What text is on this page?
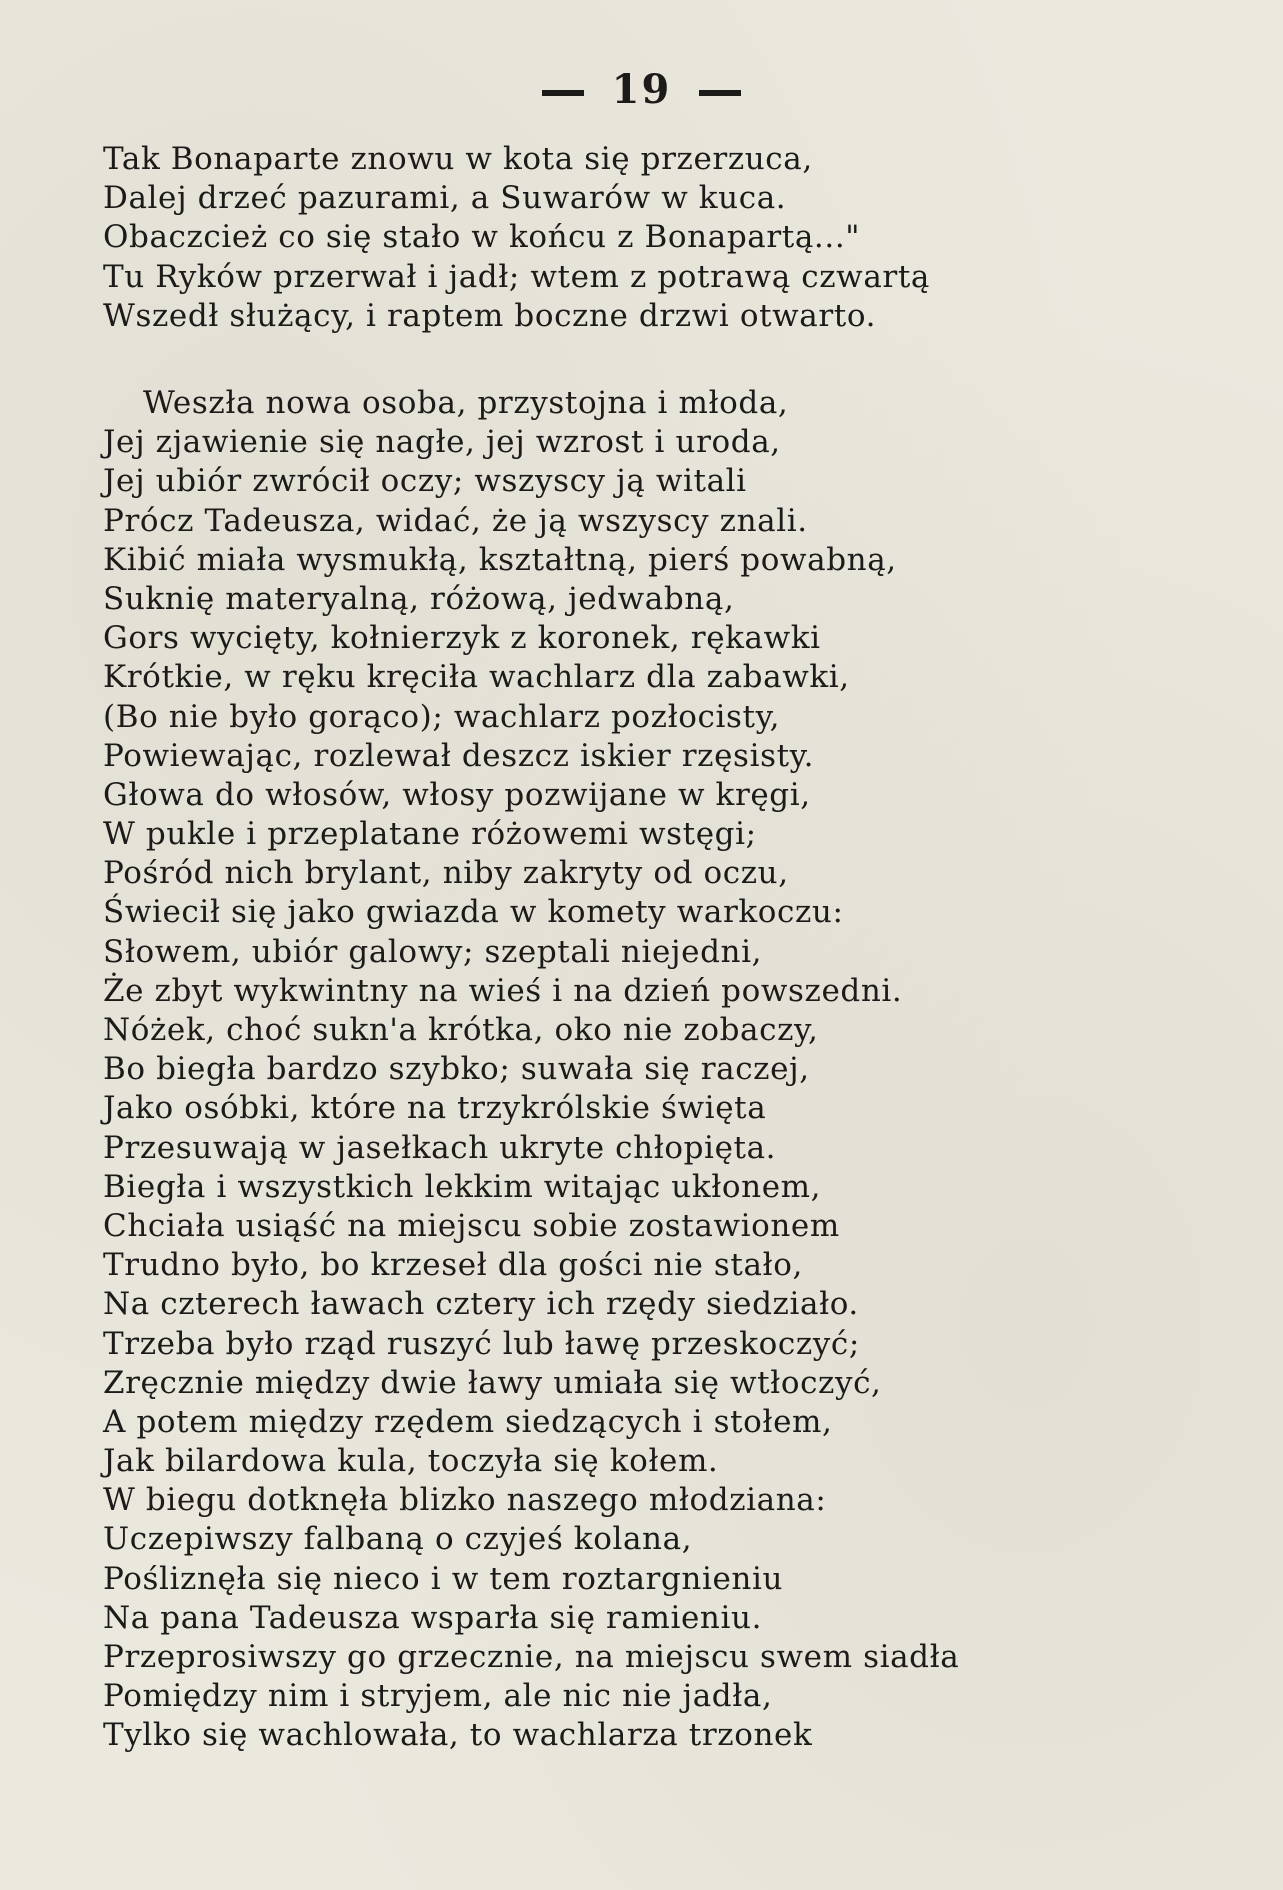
19
Tak Bonaparte znowu w kota się przerzuca,
Dalej drzeć pazurami, a Suwarów w kuca.
Obaczcież co się stało w końcu z Bonapartą..."
Tu Ryków przerwał i jadł; wtem z potrawą czwartą
Wszedł służący, i raptem boczne drzwi otwarto.
Weszła nowa osoba, przystojna i młoda,
Jej zjawienie się nagłe, jej wzrost i uroda,
Jej ubiór zwrócił oczy; wszyscy ją witali
Prócz Tadeusza, widać, że ją wszyscy znali.
Kibić miała wysmukłą, kształtną, pierś powabną,
Suknię materyalną, różową, jedwabną,
Gors wycięty, kołnierzyk z koronek, rękawki
Krótkie, w ręku kręciła wachlarz dla zabawki,
(Bo nie było gorąco); wachlarz pozłocisty,
Powiewając, rozlewał deszcz iskier rzęsisty.
Głowa do włosów, włosy pozwijane w kręgi,
W pukle i przeplatane różowemi wstęgi;
Pośród nich brylant, niby zakryty od oczu,
Świecił się jako gwiazda w komety warkoczu:
Słowem, ubiór galowy; szeptali niejedni,
Że zbyt wykwintny na wieś i na dzień powszedni.
Nóżek, choć sukn'a krótka, oko nie zobaczy,
Bo biegła bardzo szybko; suwała się raczej,
Jako osóbki, które na trzykrólskie święta
Przesuwają w jasełkach ukryte chłopięta.
Biegła i wszystkich lekkim witając ukłonem,
Chciała usiąść na miejscu sobie zostawionem
Trudno było, bo krzeseł dla gości nie stało,
Na czterech ławach cztery ich rzędy siedziało.
Trzeba było rząd ruszyć lub ławę przeskoczyć;
Zręcznie między dwie ławy umiała się wtłoczyć,
A potem między rzędem siedzących i stołem,
Jak bilardowa kula, toczyła się kołem.
W biegu dotknęła blizko naszego młodziana:
Uczepiwszy falbaną o czyjeś kolana,
Pośliznęła się nieco i w tem roztargnieniu
Na pana Tadeusza wsparła się ramieniu.
Przeprosiwszy go grzecznie, na miejscu swem siadła
Pomiędzy nim i stryjem, ale nic nie jadła,
Tylko się wachlowała, to wachlarza trzonek
